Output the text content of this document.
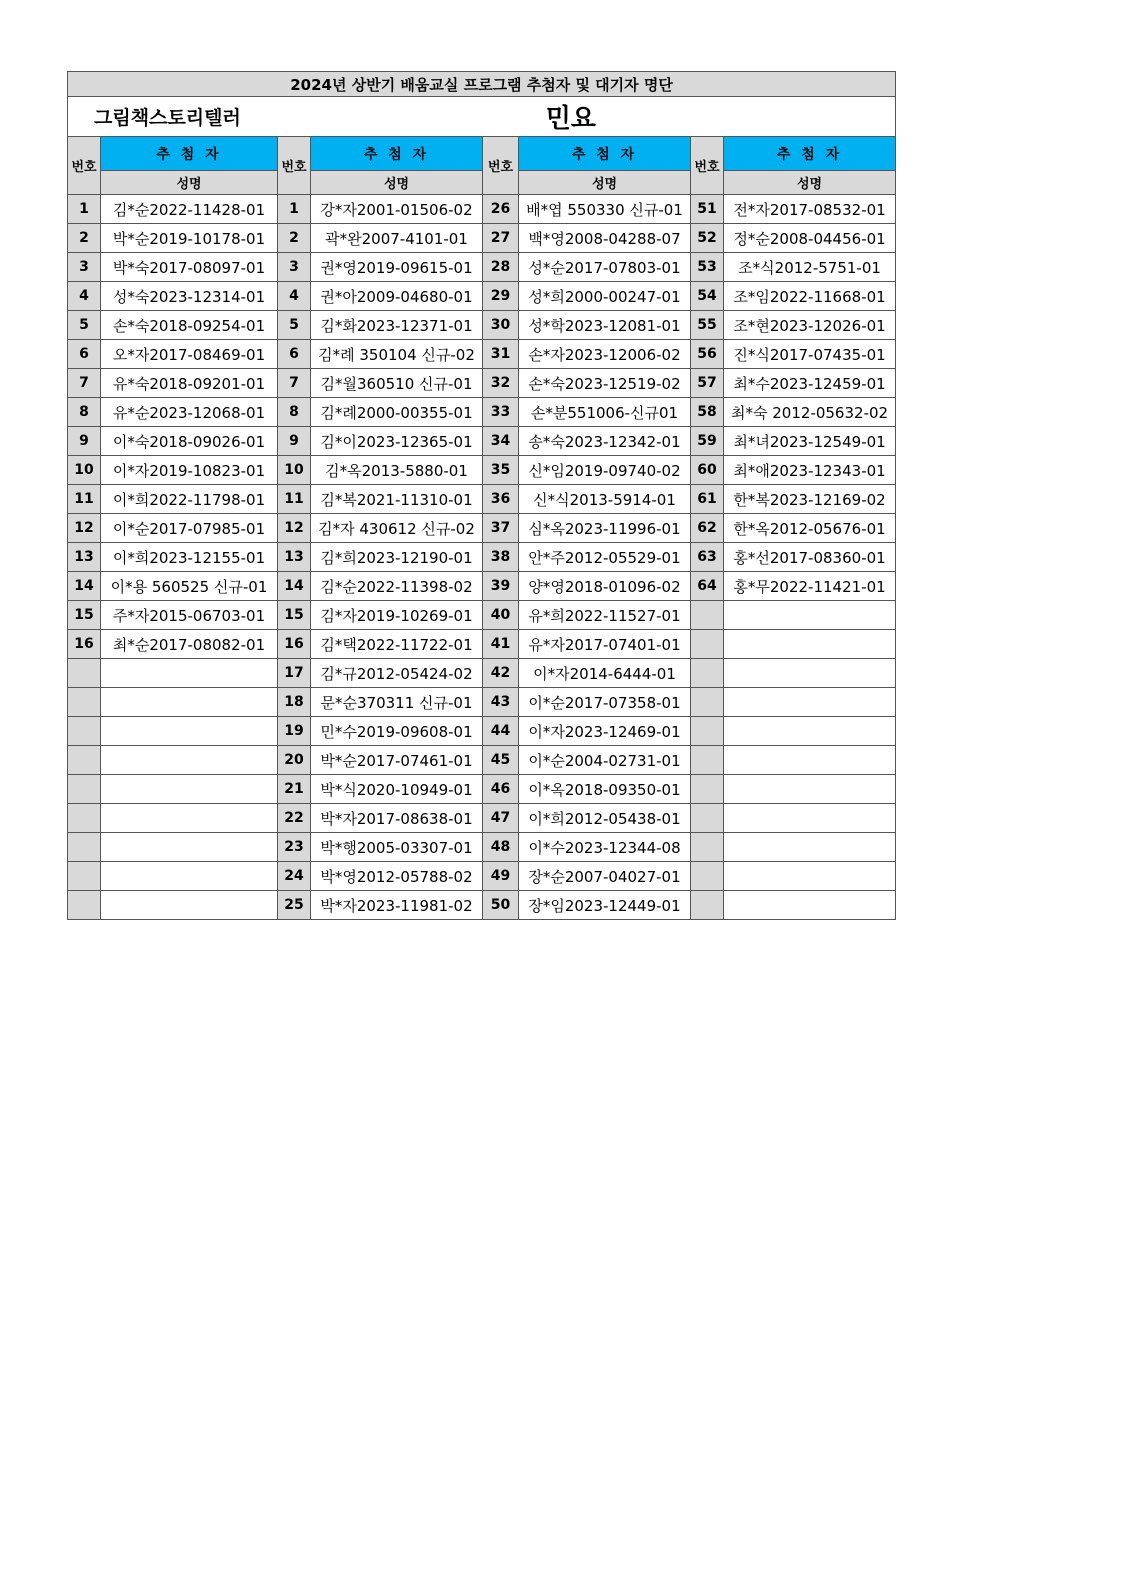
2024년 상반기 배움교실 프로그램 추첨자 및 대기자 명단							
그림책스토리텔러			민요				
번호	추 첨 자	번호	추 첨 자	번호	추 첨 자	번호	추 첨 자
	성명		성명		성명		성명
1	김*순2022-11428-01	1	강*자2001-01506-02	26	배*엽 550330 신규-01	51	전*자2017-08532-01
2	박*순2019-10178-01	2	곽*완2007-4101-01	27	백*영2008-04288-07	52	정*순2008-04456-01
3	박*숙2017-08097-01	3	권*영2019-09615-01	28	성*순2017-07803-01	53	조*식2012-5751-01
4	성*숙2023-12314-01	4	권*아2009-04680-01	29	성*희2000-00247-01	54	조*임2022-11668-01
5	손*숙2018-09254-01	5	김*화2023-12371-01	30	성*학2023-12081-01	55	조*현2023-12026-01
6	오*자2017-08469-01	6	김*례 350104 신규-02	31	손*자2023-12006-02	56	진*식2017-07435-01
7	유*숙2018-09201-01	7	김*월360510 신규-01	32	손*숙2023-12519-02	57	최*수2023-12459-01
8	유*순2023-12068-01	8	김*례2000-00355-01	33	손*분551006-신규01	58	최*숙 2012-05632-02
9	이*숙2018-09026-01	9	김*이2023-12365-01	34	송*숙2023-12342-01	59	최*녀2023-12549-01
10	이*자2019-10823-01	10	김*옥2013-5880-01	35	신*임2019-09740-02	60	최*애2023-12343-01
11	이*희2022-11798-01	11	김*복2021-11310-01	36	신*식2013-5914-01	61	한*복2023-12169-02
12	이*순2017-07985-01	12	김*자 430612 신규-02	37	심*옥2023-11996-01	62	한*옥2012-05676-01
13	이*희2023-12155-01	13	김*희2023-12190-01	38	안*주2012-05529-01	63	홍*선2017-08360-01
14	이*용 560525 신규-01	14	김*순2022-11398-02	39	양*영2018-01096-02	64	홍*무2022-11421-01
15	주*자2015-06703-01	15	김*자2019-10269-01	40	유*희2022-11527-01		
16	최*순2017-08082-01	16	김*택2022-11722-01	41	유*자2017-07401-01		
		17	김*규2012-05424-02	42	이*자2014-6444-01		
		18	문*순370311 신규-01	43	이*순2017-07358-01		
		19	민*수2019-09608-01	44	이*자2023-12469-01		
		20	박*순2017-07461-01	45	이*순2004-02731-01		
		21	박*식2020-10949-01	46	이*옥2018-09350-01		
		22	박*자2017-08638-01	47	이*희2012-05438-01		
		23	박*행2005-03307-01	48	이*수2023-12344-08		
		24	박*영2012-05788-02	49	장*순2007-04027-01		
		25	박*자2023-11981-02	50	장*임2023-12449-01		
